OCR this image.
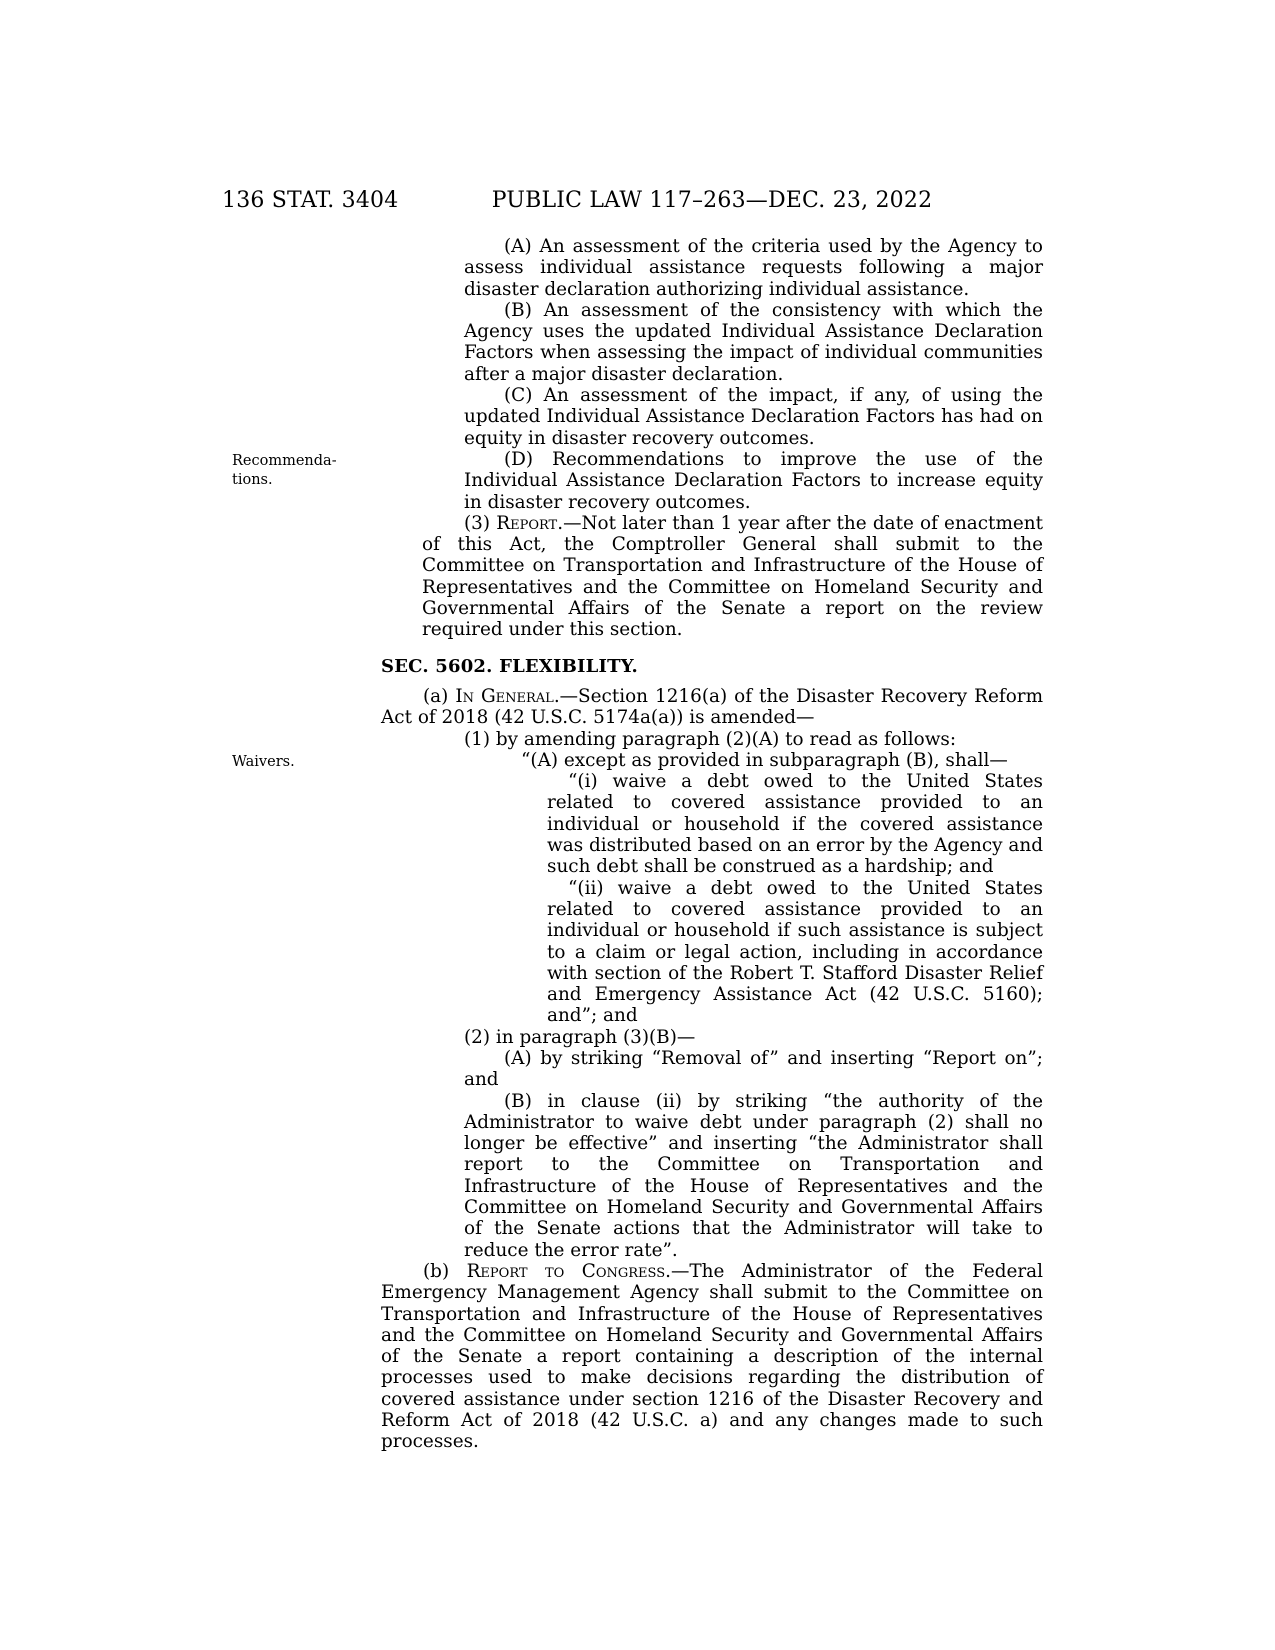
136 STAT. 3404	PUBLIC LAW 117–263—DEC. 23, 2022
Recommenda-
tions.
Waivers.

(A) An assessment of the criteria used by the Agency to assess individual assistance requests following a major disaster declaration authorizing individual assistance.

(B) An assessment of the consistency with which the Agency uses the updated Individual Assistance Declaration Factors when assessing the impact of individual communities after a major disaster declaration.

(C) An assessment of the impact, if any, of using the updated Individual Assistance Declaration Factors has had on equity in disaster recovery outcomes.

(D) Recommendations to improve the use of the Individual Assistance Declaration Factors to increase equity in disaster recovery outcomes.

(3) Report.—Not later than 1 year after the date of enactment of this Act, the Comptroller General shall submit to the Committee on Transportation and Infrastructure of the House of Representatives and the Committee on Homeland Security and Governmental Affairs of the Senate a report on the review required under this section.

SEC. 5602. FLEXIBILITY.

(a) In General.—Section 1216(a) of the Disaster Recovery Reform Act of 2018 (42 U.S.C. 5174a(a)) is amended—

(1) by amending paragraph (2)(A) to read as follows:

“(A) except as provided in subparagraph (B), shall—

“(i) waive a debt owed to the United States related to covered assistance provided to an individual or household if the covered assistance was distributed based on an error by the Agency and such debt shall be construed as a hardship; and

“(ii) waive a debt owed to the United States related to covered assistance provided to an individual or household if such assistance is subject to a claim or legal action, including in accordance with section of the Robert T. Stafford Disaster Relief and Emergency Assistance Act (42 U.S.C. 5160); and”; and

(2) in paragraph (3)(B)—

(A) by striking “Removal of” and inserting “Report on”; and

(B) in clause (ii) by striking “the authority of the Administrator to waive debt under paragraph (2) shall no longer be effective” and inserting “the Administrator shall report to the Committee on Transportation and Infrastructure of the House of Representatives and the Committee on Homeland Security and Governmental Affairs of the Senate actions that the Administrator will take to reduce the error rate”.

(b) Report to Congress.—The Administrator of the Federal Emergency Management Agency shall submit to the Committee on Transportation and Infrastructure of the House of Representatives and the Committee on Homeland Security and Governmental Affairs of the Senate a report containing a description of the internal processes used to make decisions regarding the distribution of covered assistance under section 1216 of the Disaster Recovery and Reform Act of 2018 (42 U.S.C. a) and any changes made to such processes.
